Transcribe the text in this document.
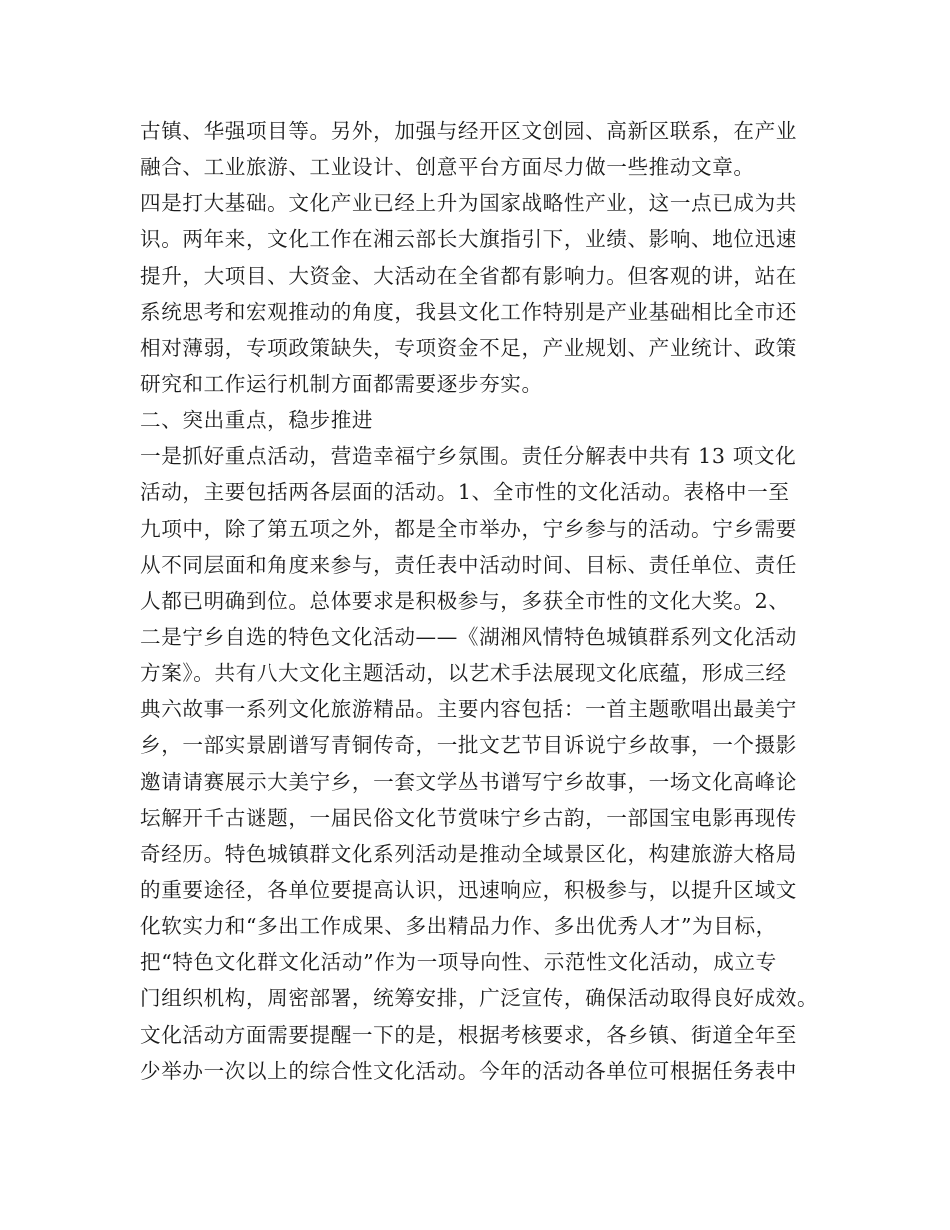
古镇、华强项目等。另外，加强与经开区文创园、高新区联系，在产业
融合、工业旅游、工业设计、创意平台方面尽力做一些推动文章。
四是打大基础。文化产业已经上升为国家战略性产业，这一点已成为共
识。两年来，文化工作在湘云部长大旗指引下，业绩、影响、地位迅速
提升，大项目、大资金、大活动在全省都有影响力。但客观的讲，站在
系统思考和宏观推动的角度，我县文化工作特别是产业基础相比全市还
相对薄弱，专项政策缺失，专项资金不足，产业规划、产业统计、政策
研究和工作运行机制方面都需要逐步夯实。
二、突出重点，稳步推进
一是抓好重点活动，营造幸福宁乡氛围。责任分解表中共有 13 项文化
活动，主要包括两各层面的活动。1、全市性的文化活动。表格中一至
九项中，除了第五项之外，都是全市举办，宁乡参与的活动。宁乡需要
从不同层面和角度来参与，责任表中活动时间、目标、责任单位、责任
人都已明确到位。总体要求是积极参与，多获全市性的文化大奖。2、
二是宁乡自选的特色文化活动——《湖湘风情特色城镇群系列文化活动
方案》。共有八大文化主题活动，以艺术手法展现文化底蕴，形成三经
典六故事一系列文化旅游精品。主要内容包括：一首主题歌唱出最美宁
乡，一部实景剧谱写青铜传奇，一批文艺节目诉说宁乡故事，一个摄影
邀请请赛展示大美宁乡，一套文学丛书谱写宁乡故事，一场文化高峰论
坛解开千古谜题，一届民俗文化节赏味宁乡古韵，一部国宝电影再现传
奇经历。特色城镇群文化系列活动是推动全域景区化，构建旅游大格局
的重要途径，各单位要提高认识，迅速响应，积极参与，以提升区域文
化软实力和“多出工作成果、多出精品力作、多出优秀人才”为目标，
把“特色文化群文化活动”作为一项导向性、示范性文化活动，成立专
门组织机构，周密部署，统筹安排，广泛宣传，确保活动取得良好成效。
文化活动方面需要提醒一下的是，根据考核要求，各乡镇、街道全年至
少举办一次以上的综合性文化活动。今年的活动各单位可根据任务表中
